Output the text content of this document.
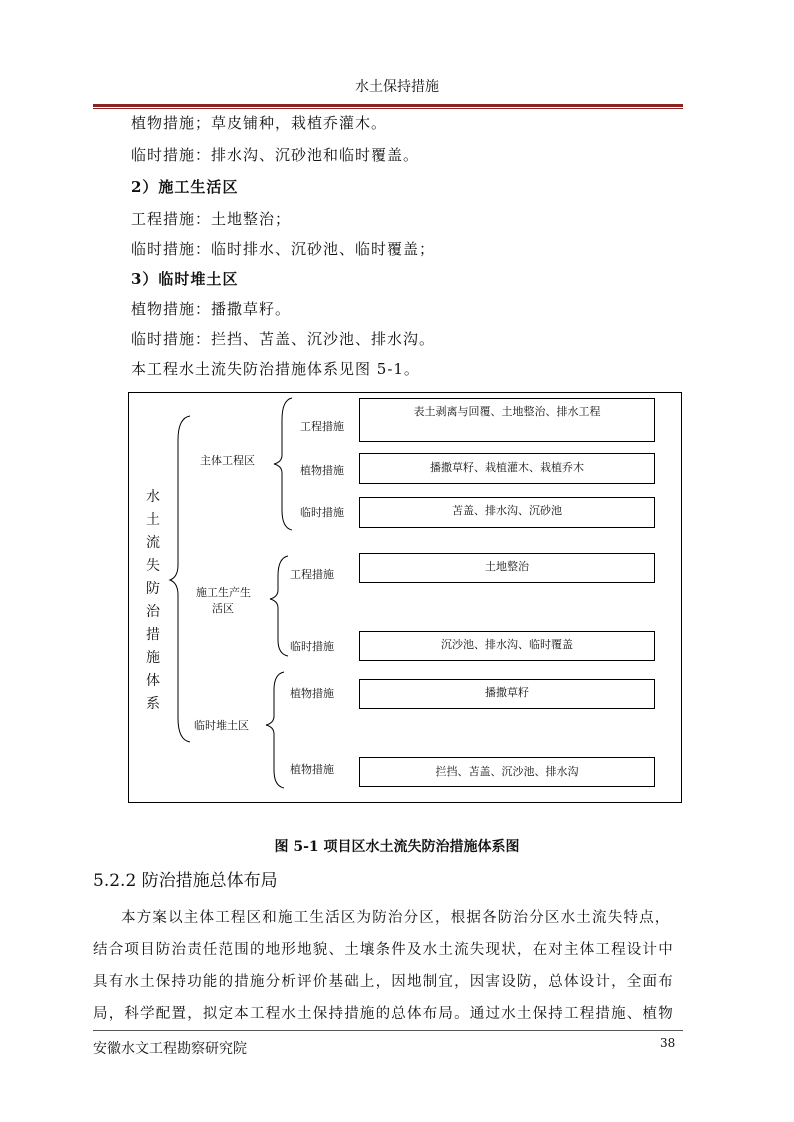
水土保持措施
植物措施；草皮铺种，栽植乔灌木。
临时措施：排水沟、沉砂池和临时覆盖。
2）施工生活区
工程措施：土地整治；
临时措施：临时排水、沉砂池、临时覆盖；
3）临时堆土区
植物措施：播撒草籽。
临时措施：拦挡、苫盖、沉沙池、排水沟。
本工程水土流失防治措施体系见图 5-1。
水土流失防治措施体系
主体工程区
施工生产生
活区
临时堆土区
工程措施
植物措施
临时措施
工程措施
临时措施
植物措施
植物措施
表土剥离与回覆、土地整治、排水工程
播撒草籽、栽植灌木、栽植乔木
苫盖、排水沟、沉砂池
土地整治
沉沙池、排水沟、临时覆盖
播撒草籽
拦挡、苫盖、沉沙池、排水沟
图 5-1 项目区水土流失防治措施体系图
5.2.2 防治措施总体布局
本方案以主体工程区和施工生活区为防治分区，根据各防治分区水土流失特点，
结合项目防治责任范围的地形地貌、土壤条件及水土流失现状，在对主体工程设计中
具有水土保持功能的措施分析评价基础上，因地制宜，因害设防，总体设计，全面布
局，科学配置，拟定本工程水土保持措施的总体布局。通过水土保持工程措施、植物
安徽水文工程勘察研究院	38
